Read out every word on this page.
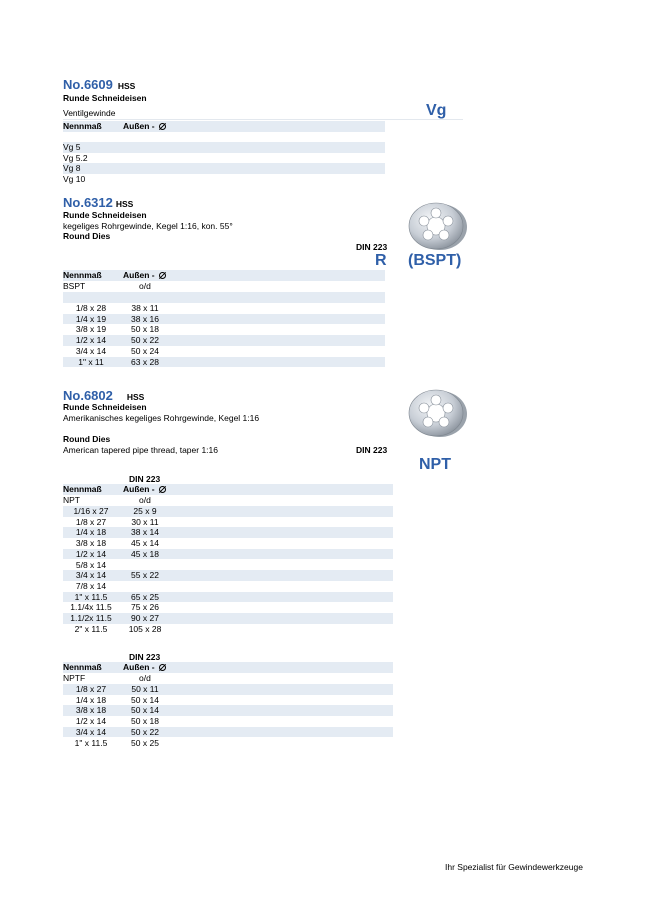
No.6609 HSS
Runde Schneideisen
Ventilgewinde	Vg
Nennmaß	Außen -
Vg 5
Vg 5.2
Vg 8
Vg 10
No.6312 HSS
Runde Schneideisen
kegeliges Rohrgewinde, Kegel 1:16, kon. 55°
Round Dies
DIN 223
R (BSPT)
Nennmaß	Außen -
BSPT	o/d
1/8 x 28	38 x 11
1/4 x 19	38 x 16
3/8 x 19	50 x 18
1/2 x 14	50 x 22
3/4 x 14	50 x 24
1" x 11	63 x 28
No.6802 HSS
Runde Schneideisen
Amerikanisches kegeliges Rohrgewinde, Kegel 1:16
Round Dies
American tapered pipe thread, taper 1:16	DIN 223
NPT
DIN 223
Nennmaß	Außen -
NPT	o/d
1/16 x 27	25 x 9
1/8 x 27	30 x 11
1/4 x 18	38 x 14
3/8 x 18	45 x 14
1/2 x 14	45 x 18
5/8 x 14
3/4 x 14	55 x 22
7/8 x 14
1" x 11.5	65 x 25
1.1/4x 11.5	75 x 26
1.1/2x 11.5	90 x 27
2" x 11.5	105 x 28
DIN 223
Nennmaß	Außen -
NPTF	o/d
1/8 x 27	50 x 11
1/4 x 18	50 x 14
3/8 x 18	50 x 14
1/2 x 14	50 x 18
3/4 x 14	50 x 22
1" x 11.5	50 x 25
Ihr Spezialist für Gewindewerkzeuge
